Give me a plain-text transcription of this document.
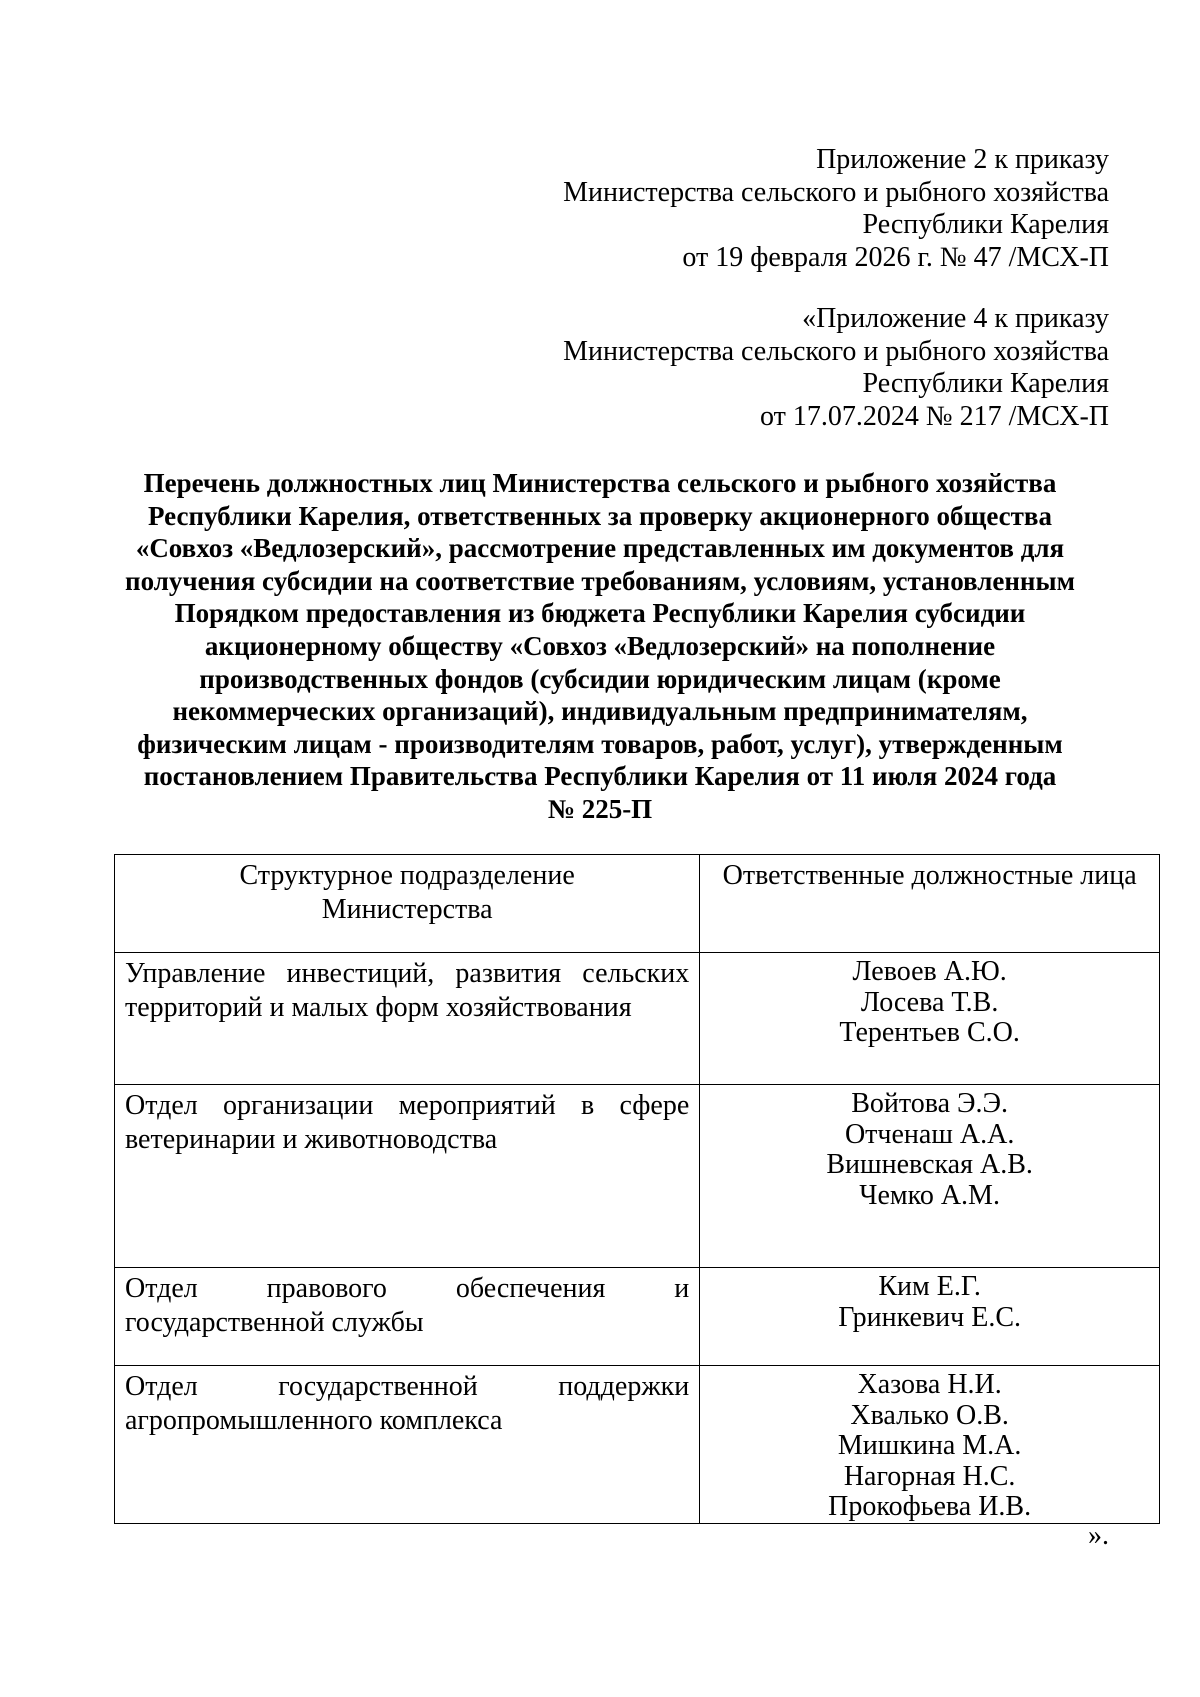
Приложение 2 к приказу
Министерства сельского и рыбного хозяйства
Республики Карелия
от 19 февраля 2026 г. № 47 /МСХ-П
«Приложение 4 к приказу
Министерства сельского и рыбного хозяйства
Республики Карелия
от 17.07.2024 № 217 /МСХ-П
Перечень должностных лиц Министерства сельского и рыбного хозяйства
Республики Карелия, ответственных за проверку акционерного общества
«Совхоз «Ведлозерский», рассмотрение представленных им документов для
получения субсидии на соответствие требованиям, условиям, установленным
Порядком предоставления из бюджета Республики Карелия субсидии
акционерному обществу «Совхоз «Ведлозерский» на пополнение
производственных фондов (субсидии юридическим лицам (кроме
некоммерческих организаций), индивидуальным предпринимателям,
физическим лицам - производителям товаров, работ, услуг), утвержденным
постановлением Правительства Республики Карелия от 11 июля 2024 года
№ 225-П
Структурное подразделение Министерства	Ответственные должностные лица
Управление инвестиций, развития сельских территорий и малых форм хозяйствования	Левоев А.Ю.
Лосева Т.В.
Терентьев С.О.

Отдел организации мероприятий в сфере ветеринарии и животноводства	Войтова Э.Э.
Отченаш А.А.
Вишневская А.В.
Чемко А.М.

Отдел правового обеспечения и государственной службы	Ким Е.Г.
Гринкевич Е.С.

Отдел государственной поддержки агропромышленного комплекса	Хазова Н.И.
Хвалько О.В.
Мишкина М.А.
Нагорная Н.С.
Прокофьева И.В.
».
